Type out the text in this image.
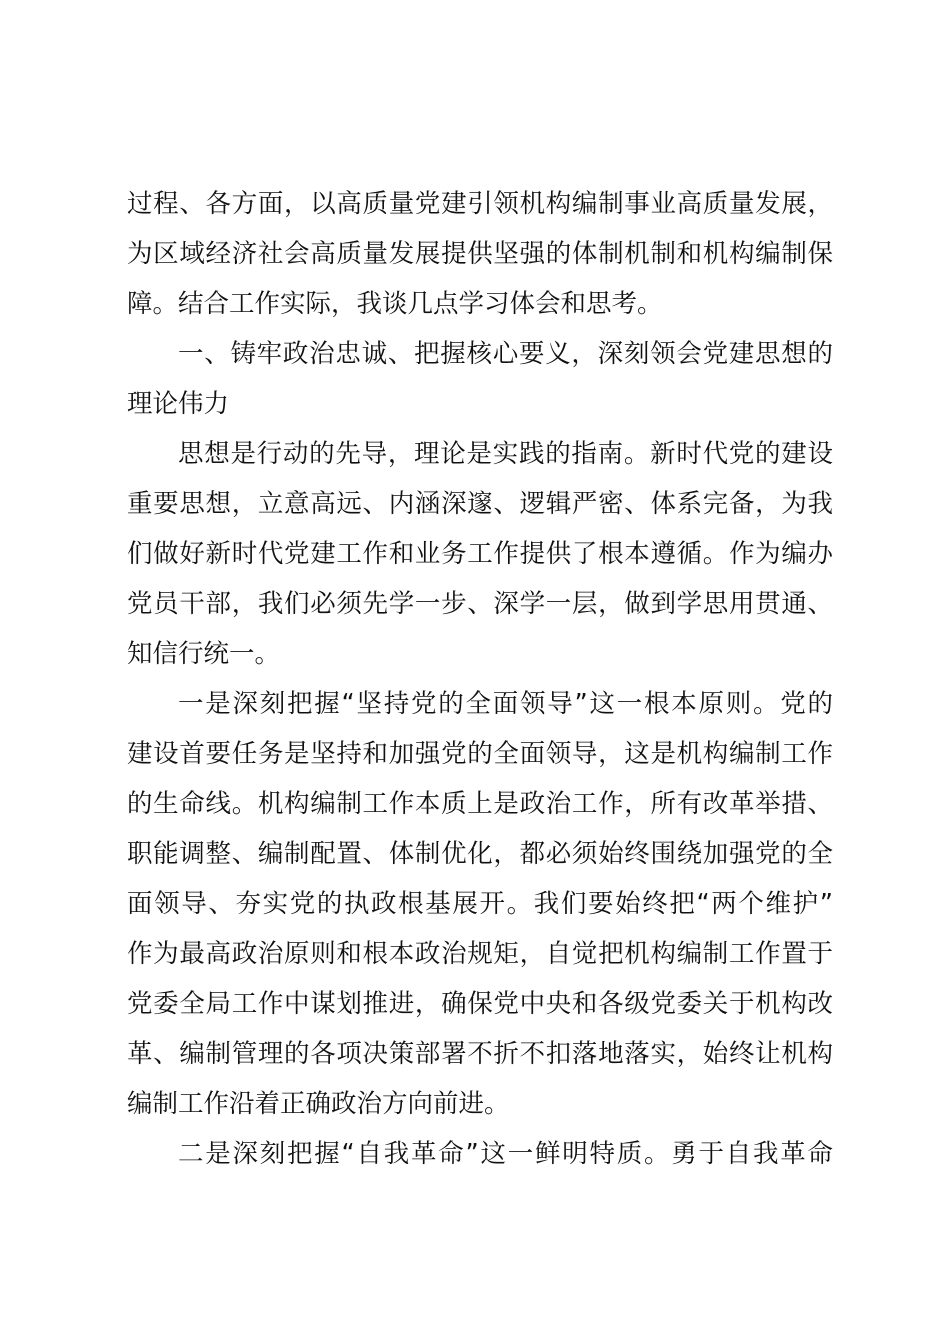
过程、各方面，以高质量党建引领机构编制事业高质量发展，
为区域经济社会高质量发展提供坚强的体制机制和机构编制保
障。结合工作实际，我谈几点学习体会和思考。
一、铸牢政治忠诚、把握核心要义，深刻领会党建思想的
理论伟力
思想是行动的先导，理论是实践的指南。新时代党的建设
重要思想，立意高远、内涵深邃、逻辑严密、体系完备，为我
们做好新时代党建工作和业务工作提供了根本遵循。作为编办
党员干部，我们必须先学一步、深学一层，做到学思用贯通、
知信行统一。
一是深刻把握“坚持党的全面领导”这一根本原则。党的
建设首要任务是坚持和加强党的全面领导，这是机构编制工作
的生命线。机构编制工作本质上是政治工作，所有改革举措、
职能调整、编制配置、体制优化，都必须始终围绕加强党的全
面领导、夯实党的执政根基展开。我们要始终把“两个维护”
作为最高政治原则和根本政治规矩，自觉把机构编制工作置于
党委全局工作中谋划推进，确保党中央和各级党委关于机构改
革、编制管理的各项决策部署不折不扣落地落实，始终让机构
编制工作沿着正确政治方向前进。
二是深刻把握“自我革命”这一鲜明特质。勇于自我革命
